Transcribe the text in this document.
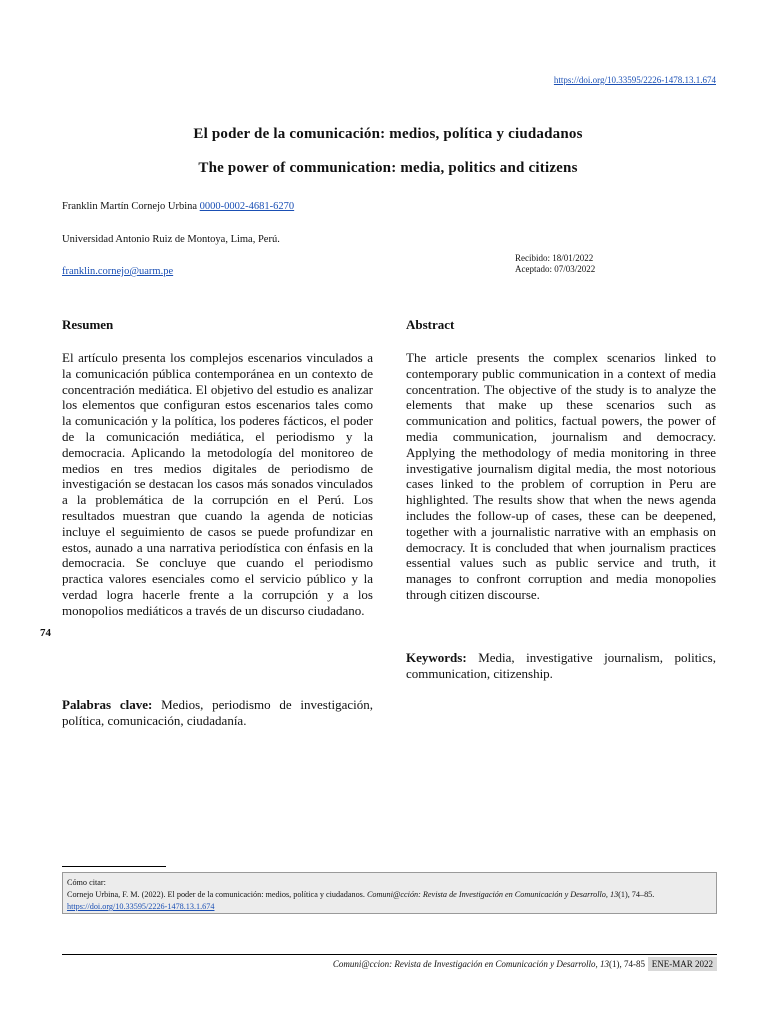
https://doi.org/10.33595/2226-1478.13.1.674
El poder de la comunicación: medios, política y ciudadanos
The power of communication: media, politics and citizens
Franklin Martín Cornejo Urbina 0000-0002-4681-6270
Universidad Antonio Ruiz de Montoya, Lima, Perú.
franklin.cornejo@uarm.pe
Recibido: 18/01/2022
Aceptado: 07/03/2022
Resumen
El artículo presenta los complejos escenarios vinculados a la comunicación pública contemporánea en un contexto de concentración mediática. El objetivo del estudio es analizar los elementos que configuran estos escenarios tales como la comunicación y la política, los poderes fácticos, el poder de la comunicación mediática, el periodismo y la democracia. Aplicando la metodología del monitoreo de medios en tres medios digitales de periodismo de investigación se destacan los casos más sonados vinculados a la problemática de la corrupción en el Perú. Los resultados muestran que cuando la agenda de noticias incluye el seguimiento de casos se puede profundizar en estos, aunado a una narrativa periodística con énfasis en la democracia. Se concluye que cuando el periodismo practica valores esenciales como el servicio público y la verdad logra hacerle frente a la corrupción y a los monopolios mediáticos a través de un discurso ciudadano.
Palabras clave: Medios, periodismo de investigación, política, comunicación, ciudadanía.
Abstract
The article presents the complex scenarios linked to contemporary public communication in a context of media concentration. The objective of the study is to analyze the elements that make up these scenarios such as communication and politics, factual powers, the power of media communication, journalism and democracy. Applying the methodology of media monitoring in three investigative journalism digital media, the most notorious cases linked to the problem of corruption in Peru are highlighted. The results show that when the news agenda includes the follow-up of cases, these can be deepened, together with a journalistic narrative with an emphasis on democracy. It is concluded that when journalism practices essential values such as public service and truth, it manages to confront corruption and media monopolies through citizen discourse.
Keywords: Media, investigative journalism, politics, communication, citizenship.
74
Cómo citar:
Cornejo Urbina, F. M. (2022). El poder de la comunicación: medios, política y ciudadanos. Comuni@cción: Revista de Investigación en Comunicación y Desarrollo, 13(1), 74–85.
https://doi.org/10.33595/2226-1478.13.1.674
Comuni@ccion: Revista de Investigación en Comunicación y Desarrollo, 13(1), 74-85 ENE-MAR 2022
